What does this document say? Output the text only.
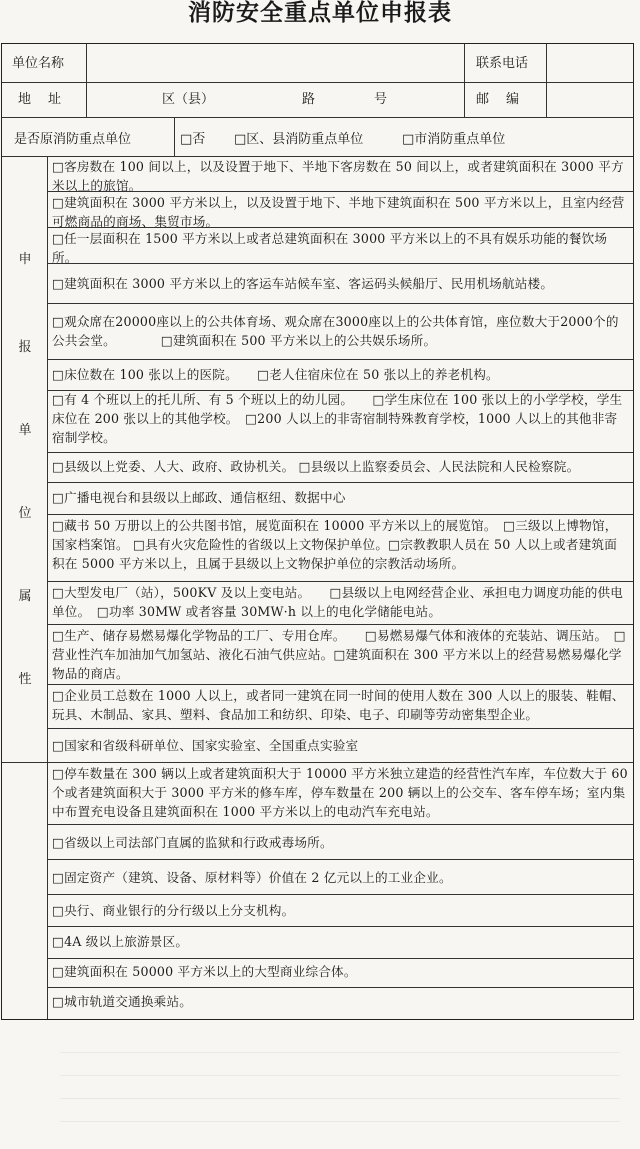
消防安全重点单位申报表
单位名称	联系电话
地　址	区（县）	路	号	邮　编
是否原消防重点单位	□否 □区、县消防重点单位	□市消防重点单位
申
报
单
位
属
性
□客房数在 100 间以上，以及设置于地下、半地下客房数在 50 间以上，或者建筑面积在 3000 平方米以上的旅馆。
□建筑面积在 3000 平方米以上，以及设置于地下、半地下建筑面积在 500 平方米以上，且室内经营可燃商品的商场、集贸市场。
□任一层面积在 1500 平方米以上或者总建筑面积在 3000 平方米以上的不具有娱乐功能的餐饮场所。
□建筑面积在 3000 平方米以上的客运车站候车室、客运码头候船厅、民用机场航站楼。
□观众席在20000座以上的公共体育场、观众席在3000座以上的公共体育馆，座位数大于2000个的公共会堂。　　　　□建筑面积在 500 平方米以上的公共娱乐场所。
□床位数在 100 张以上的医院。　　□老人住宿床位在 50 张以上的养老机构。
□有 4 个班以上的托儿所、有 5 个班以上的幼儿园。　　□学生床位在 100 张以上的小学学校，学生床位在 200 张以上的其他学校。　□200 人以上的非寄宿制特殊教育学校，1000 人以上的其他非寄宿制学校。
□县级以上党委、人大、政府、政协机关。 □县级以上监察委员会、人民法院和人民检察院。
□广播电视台和县级以上邮政、通信枢纽、数据中心
□藏书 50 万册以上的公共图书馆，展览面积在 10000 平方米以上的展览馆。　□三级以上博物馆，国家档案馆。 □具有火灾危险性的省级以上文物保护单位。□宗教教职人员在 50 人以上或者建筑面积在 5000 平方米以上，且属于县级以上文物保护单位的宗教活动场所。
□大型发电厂（站），500KV 及以上变电站。　　□县级以上电网经营企业、承担电力调度功能的供电单位。　□功率 30MW 或者容量 30MW·h 以上的电化学储能电站。
□生产、储存易燃易爆化学物品的工厂、专用仓库。　　□易燃易爆气体和液体的充装站、调压站。　□营业性汽车加油加气加氢站、液化石油气供应站。□建筑面积在 300 平方米以上的经营易燃易爆化学物品的商店。
□企业员工总数在 1000 人以上，或者同一建筑在同一时间的使用人数在 300 人以上的服装、鞋帽、玩具、木制品、家具、塑料、食品加工和纺织、印染、电子、印刷等劳动密集型企业。
□国家和省级科研单位、国家实验室、全国重点实验室
□停车数量在 300 辆以上或者建筑面积大于 10000 平方米独立建造的经营性汽车库，车位数大于 60 个或者建筑面积大于 3000 平方米的修车库，停车数量在 200 辆以上的公交车、客车停车场；室内集中布置充电设备且建筑面积在 1000 平方米以上的电动汽车充电站。
□省级以上司法部门直属的监狱和行政戒毒场所。
□固定资产（建筑、设备、原材料等）价值在 2 亿元以上的工业企业。
□央行、商业银行的分行级以上分支机构。
□4A 级以上旅游景区。
□建筑面积在 50000 平方米以上的大型商业综合体。
□城市轨道交通换乘站。
